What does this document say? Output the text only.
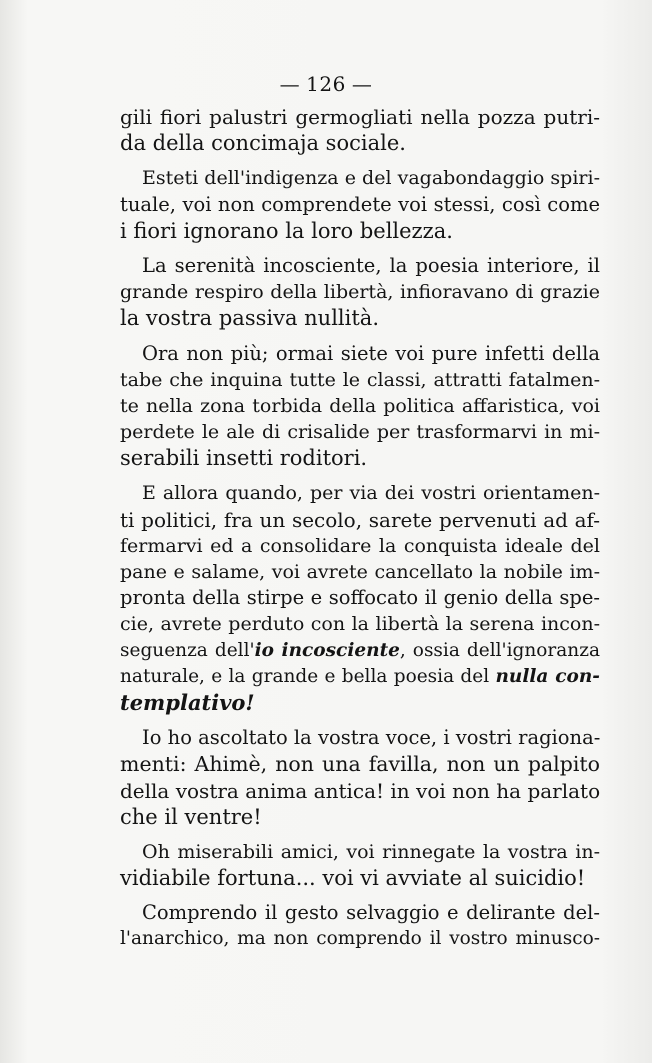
— 126 —
gili fiori palustri germogliati nella pozza putri-
da della concimaja sociale.
Esteti dell'indigenza e del vagabondaggio spiri-
tuale, voi non comprendete voi stessi, così come
i fiori ignorano la loro bellezza.
La serenità incosciente, la poesia interiore, il
grande respiro della libertà, infioravano di grazie
la vostra passiva nullità.
Ora non più; ormai siete voi pure infetti della
tabe che inquina tutte le classi, attratti fatalmen-
te nella zona torbida della politica affaristica, voi
perdete le ale di crisalide per trasformarvi in mi-
serabili insetti roditori.
E allora quando, per via dei vostri orientamen-
ti politici, fra un secolo, sarete pervenuti ad af-
fermarvi ed a consolidare la conquista ideale del
pane e salame, voi avrete cancellato la nobile im-
pronta della stirpe e soffocato il genio della spe-
cie, avrete perduto con la libertà la serena incon-
seguenza dell'io incosciente, ossia dell'ignoranza
naturale, e la grande e bella poesia del nulla con-
templativo!
Io ho ascoltato la vostra voce, i vostri ragiona-
menti: Ahimè, non una favilla, non un palpito
della vostra anima antica! in voi non ha parlato
che il ventre!
Oh miserabili amici, voi rinnegate la vostra in-
vidiabile fortuna... voi vi avviate al suicidio!
Comprendo il gesto selvaggio e delirante del-
l'anarchico, ma non comprendo il vostro minusco-
